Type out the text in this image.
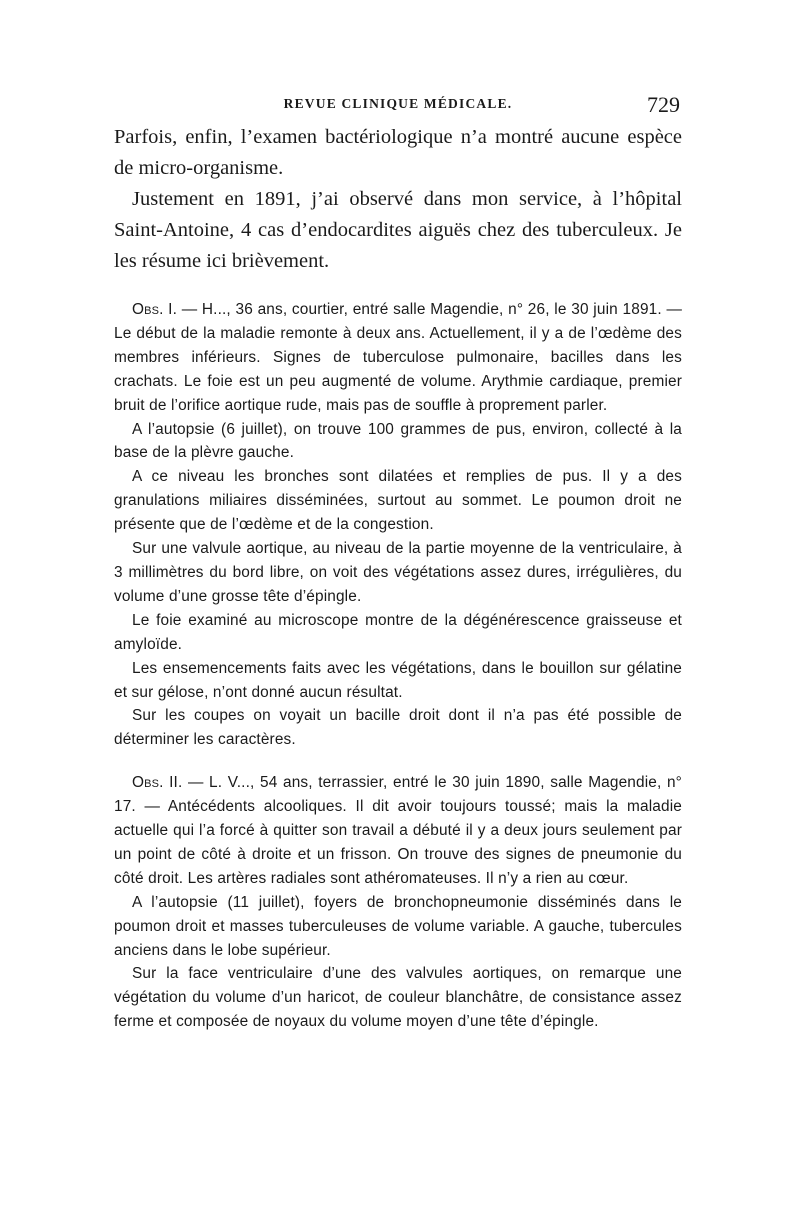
REVUE CLINIQUE MÉDICALE.	729

Parfois, enfin, l’examen bactériologique n’a montré aucune espèce de micro-organisme.

Justement en 1891, j’ai observé dans mon service, à l’hôpital Saint-Antoine, 4 cas d’endocardites aiguës chez des tuberculeux. Je les résume ici brièvement.

Obs. I. — H..., 36 ans, courtier, entré salle Magendie, n° 26, le 30 juin 1891. — Le début de la maladie remonte à deux ans. Actuellement, il y a de l’œdème des membres inférieurs. Signes de tuberculose pulmonaire, bacilles dans les crachats. Le foie est un peu augmenté de volume. Arythmie cardiaque, premier bruit de l’orifice aortique rude, mais pas de souffle à proprement parler.

A l’autopsie (6 juillet), on trouve 100 grammes de pus, environ, collecté à la base de la plèvre gauche.

A ce niveau les bronches sont dilatées et remplies de pus. Il y a des granulations miliaires disséminées, surtout au sommet. Le poumon droit ne présente que de l’œdème et de la congestion.

Sur une valvule aortique, au niveau de la partie moyenne de la ventriculaire, à 3 millimètres du bord libre, on voit des végétations assez dures, irrégulières, du volume d’une grosse tête d’épingle.

Le foie examiné au microscope montre de la dégénérescence graisseuse et amyloïde.

Les ensemencements faits avec les végétations, dans le bouillon sur gélatine et sur gélose, n’ont donné aucun résultat.

Sur les coupes on voyait un bacille droit dont il n’a pas été possible de déterminer les caractères.

Obs. II. — L. V..., 54 ans, terrassier, entré le 30 juin 1890, salle Magendie, n° 17. — Antécédents alcooliques. Il dit avoir toujours toussé; mais la maladie actuelle qui l’a forcé à quitter son travail a débuté il y a deux jours seulement par un point de côté à droite et un frisson. On trouve des signes de pneumonie du côté droit. Les artères radiales sont athéromateuses. Il n’y a rien au cœur.

A l’autopsie (11 juillet), foyers de bronchopneumonie disséminés dans le poumon droit et masses tuberculeuses de volume variable. A gauche, tubercules anciens dans le lobe supérieur.

Sur la face ventriculaire d’une des valvules aortiques, on remarque une végétation du volume d’un haricot, de couleur blanchâtre, de consistance assez ferme et composée de noyaux du volume moyen d’une tête d’épingle.
